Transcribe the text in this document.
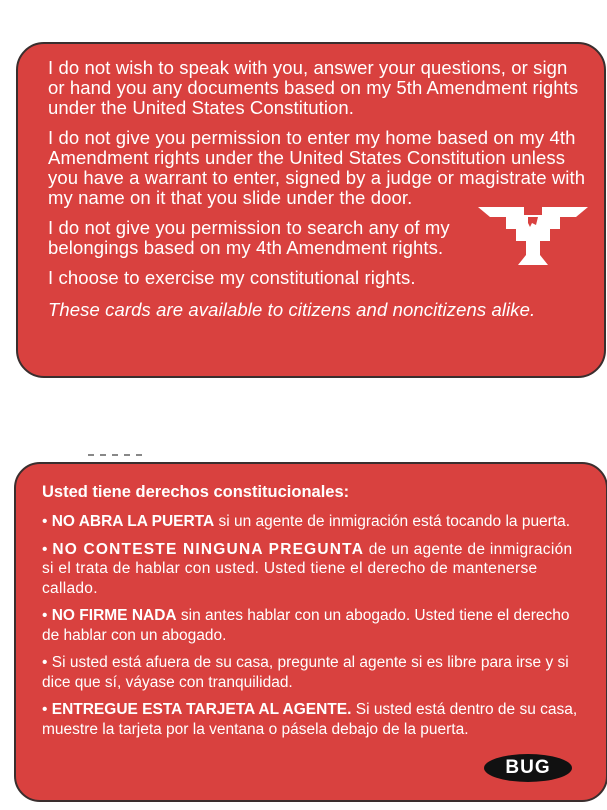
I do not wish to speak with you, answer your questions, or sign or hand you any documents based on my 5th Amendment rights under the United States Constitution.

I do not give you permission to enter my home based on my 4th Amendment rights under the United States Constitution unless you have a warrant to enter, signed by a judge or magistrate with my name on it that you slide under the door.

I do not give you permission to search any of my belongings based on my 4th Amendment rights.

I choose to exercise my constitutional rights.

These cards are available to citizens and noncitizens alike.

Usted tiene derechos constitucionales:

• NO ABRA LA PUERTA si un agente de inmigración está tocando la puerta.

• NO CONTESTE NINGUNA PREGUNTA de un agente de inmigración si el trata de hablar con usted. Usted tiene el derecho de mantenerse callado.

• NO FIRME NADA sin antes hablar con un abogado. Usted tiene el derecho de hablar con un abogado.

• Si usted está afuera de su casa, pregunte al agente si es libre para irse y si dice que sí, váyase con tranquilidad.

• ENTREGUE ESTA TARJETA AL AGENTE. Si usted está dentro de su casa, muestre la tarjeta por la ventana o pásela debajo de la puerta.

BUG
